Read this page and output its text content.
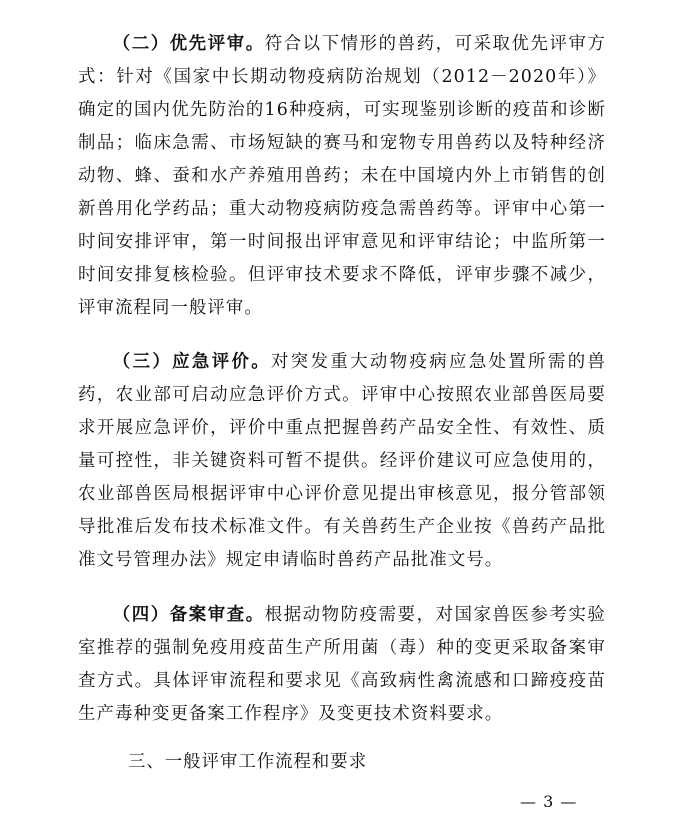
（二）优先评审。符合以下情形的兽药，可采取优先评审方式：针对《国家中长期动物疫病防治规划（2012－2020年）》确定的国内优先防治的16种疫病，可实现鉴别诊断的疫苗和诊断制品；临床急需、市场短缺的赛马和宠物专用兽药以及特种经济动物、蜂、蚕和水产养殖用兽药；未在中国境内外上市销售的创新兽用化学药品；重大动物疫病防疫急需兽药等。评审中心第一时间安排评审，第一时间报出评审意见和评审结论；中监所第一时间安排复核检验。但评审技术要求不降低，评审步骤不减少，评审流程同一般评审。

（三）应急评价。对突发重大动物疫病应急处置所需的兽药，农业部可启动应急评价方式。评审中心按照农业部兽医局要求开展应急评价，评价中重点把握兽药产品安全性、有效性、质量可控性，非关键资料可暂不提供。经评价建议可应急使用的，农业部兽医局根据评审中心评价意见提出审核意见，报分管部领导批准后发布技术标准文件。有关兽药生产企业按《兽药产品批准文号管理办法》规定申请临时兽药产品批准文号。

（四）备案审查。根据动物防疫需要，对国家兽医参考实验室推荐的强制免疫用疫苗生产所用菌（毒）种的变更采取备案审查方式。具体评审流程和要求见《高致病性禽流感和口蹄疫疫苗生产毒种变更备案工作程序》及变更技术资料要求。

三、一般评审工作流程和要求
— 3 —
